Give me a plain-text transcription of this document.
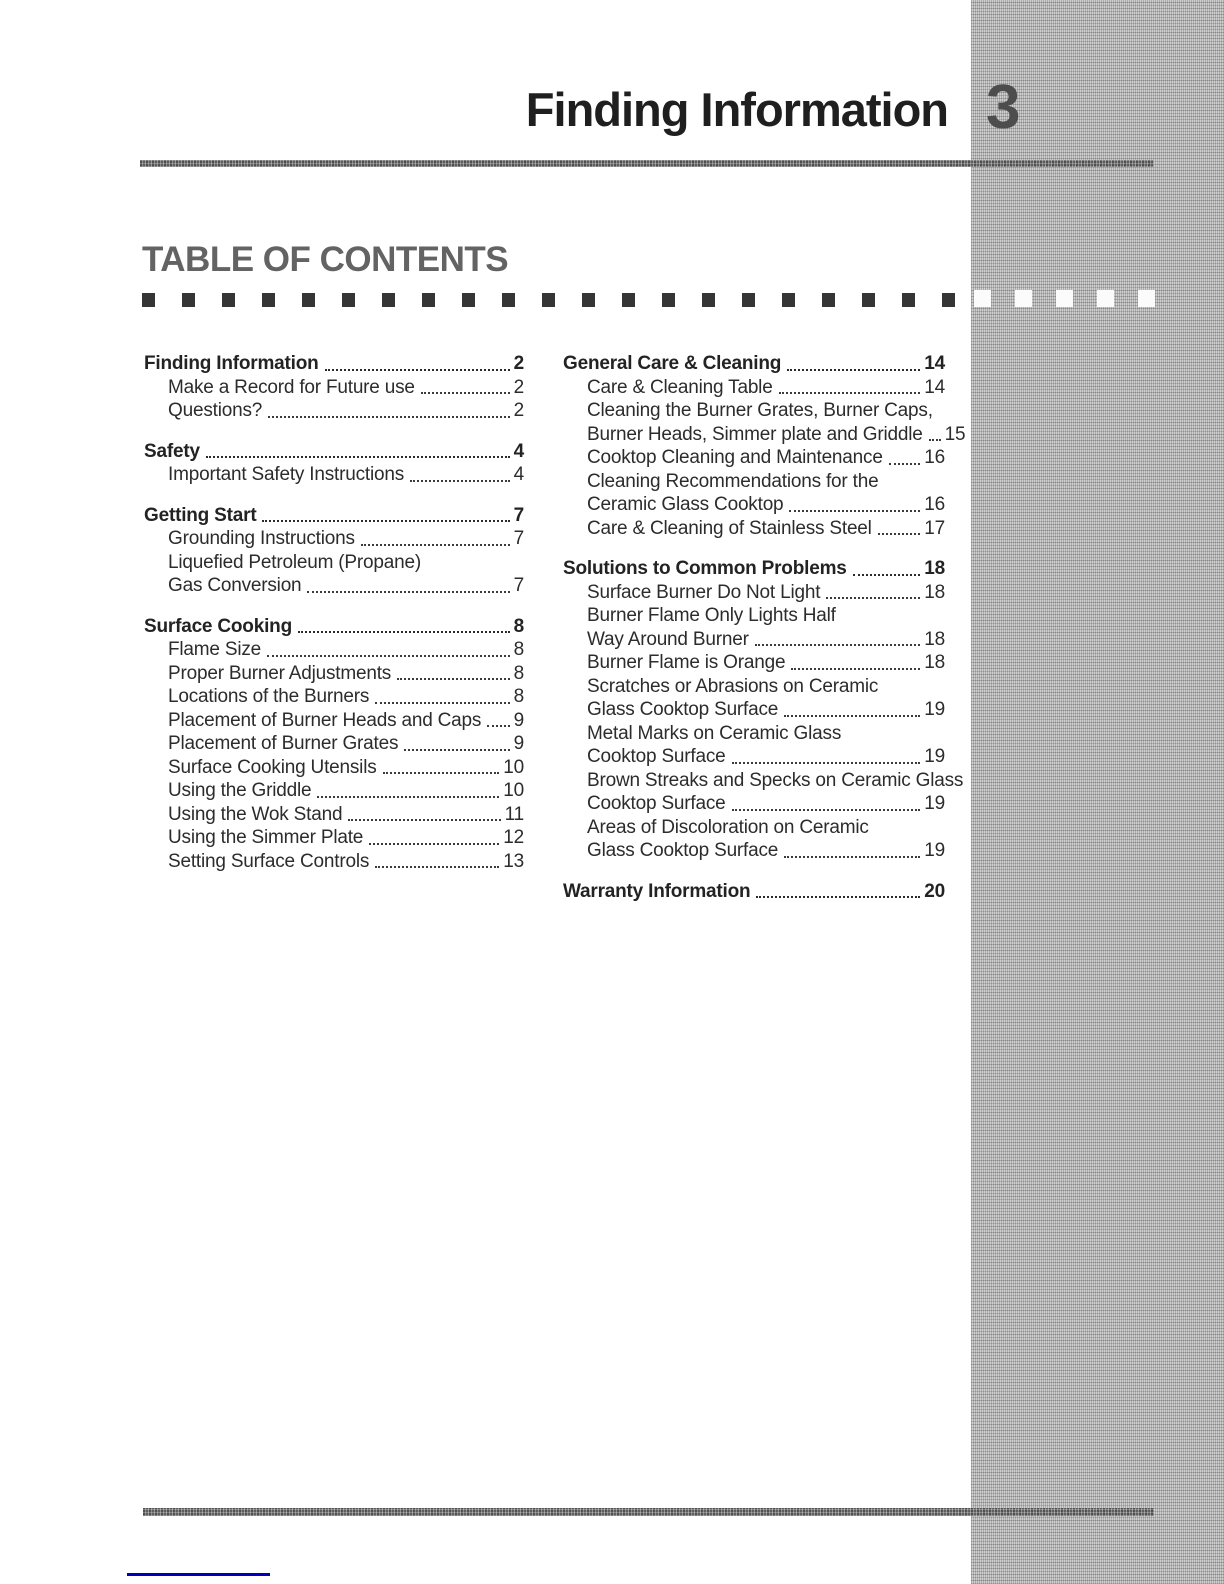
Finding Information 3
TABLE OF CONTENTS
Finding Information	2
Make a Record for Future use	2
Questions?	2
Safety	4
Important Safety Instructions	4
Getting Start	7
Grounding Instructions	7
Liquefied Petroleum (Propane)
Gas Conversion	7
Surface Cooking	8
Flame Size	8
Proper Burner Adjustments	8
Locations of the Burners	8
Placement of Burner Heads and Caps 9
Placement of Burner Grates	9
Surface Cooking Utensils	10
Using the Griddle	10
Using the Wok Stand	11
Using the Simmer Plate	12
Setting Surface Controls	13
General Care & Cleaning	14
Care & Cleaning Table	14
Cleaning the Burner Grates, Burner Caps,
Burner Heads, Simmer plate and Griddle 15
Cooktop Cleaning and Maintenance 16
Cleaning Recommendations for the
Ceramic Glass Cooktop	16
Care & Cleaning of Stainless Steel	17
Solutions to Common Problems	18
Surface Burner Do Not Light	18
Burner Flame Only Lights Half
Way Around Burner	18
Burner Flame is Orange	18
Scratches or Abrasions on Ceramic
Glass Cooktop Surface	19
Metal Marks on Ceramic Glass
Cooktop Surface	19
Brown Streaks and Specks on Ceramic Glass
Cooktop Surface	19
Areas of Discoloration on Ceramic
Glass Cooktop Surface	19
Warranty Information	20
